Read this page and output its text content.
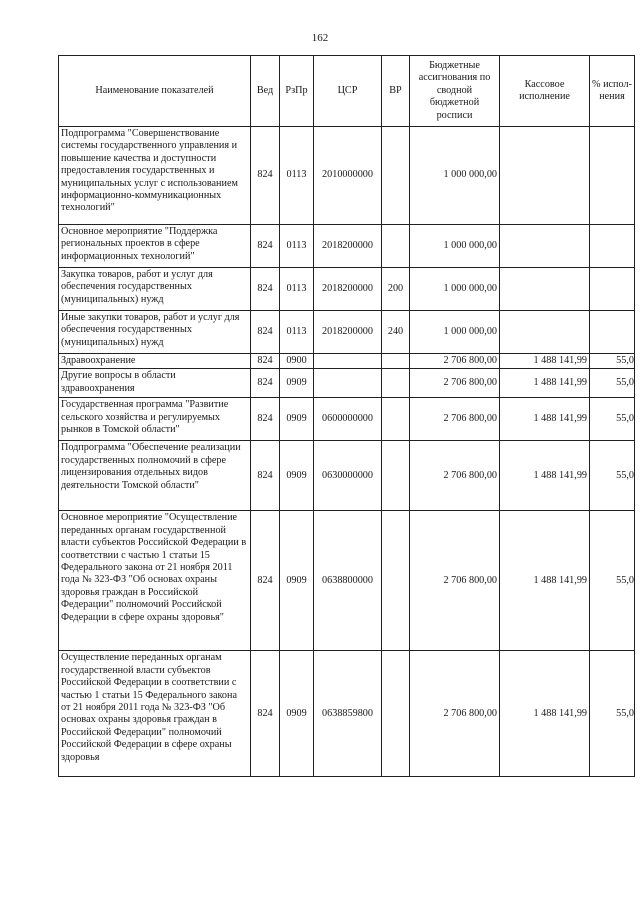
162
Наименование показателей	Вед	РзПр	ЦСР	ВР	Бюджетные ассигнования по сводной бюджетной росписи	Кассовое исполнение	% испол-нения
Подпрограмма "Совершенствование системы государственного управления и повышение качества и доступности предоставления государственных и муниципальных услуг с использованием информационно-коммуникационных технологий"	824	0113	2010000000		1 000 000,00		
Основное мероприятие "Поддержка региональных проектов в сфере информационных технологий"	824	0113	2018200000		1 000 000,00		
Закупка товаров, работ и услуг для обеспечения государственных (муниципальных) нужд	824	0113	2018200000	200	1 000 000,00		
Иные закупки товаров, работ и услуг для обеспечения государственных (муниципальных) нужд	824	0113	2018200000	240	1 000 000,00		
Здравоохранение	824	0900			2 706 800,00	1 488 141,99	55,0
Другие вопросы в области здравоохранения	824	0909			2 706 800,00	1 488 141,99	55,0
Государственная программа "Развитие сельского хозяйства и регулируемых рынков в Томской области"	824	0909	0600000000		2 706 800,00	1 488 141,99	55,0
Подпрограмма "Обеспечение реализации государственных полномочий в сфере лицензирования отдельных видов деятельности Томской области"	824	0909	0630000000		2 706 800,00	1 488 141,99	55,0
Основное мероприятие "Осуществление переданных органам государственной власти субъектов Российской Федерации в соответствии с частью 1 статьи 15 Федерального закона от 21 ноября 2011 года № 323-ФЗ "Об основах охраны здоровья граждан в Российской Федерации" полномочий Российской Федерации в сфере охраны здоровья"	824	0909	0638800000		2 706 800,00	1 488 141,99	55,0
Осуществление переданных органам государственной власти субъектов Российской Федерации в соответствии с частью 1 статьи 15 Федерального закона от 21 ноября 2011 года № 323-ФЗ "Об основах охраны здоровья граждан в Российской Федерации" полномочий Российской Федерации в сфере охраны здоровья	824	0909	0638859800		2 706 800,00	1 488 141,99	55,0
